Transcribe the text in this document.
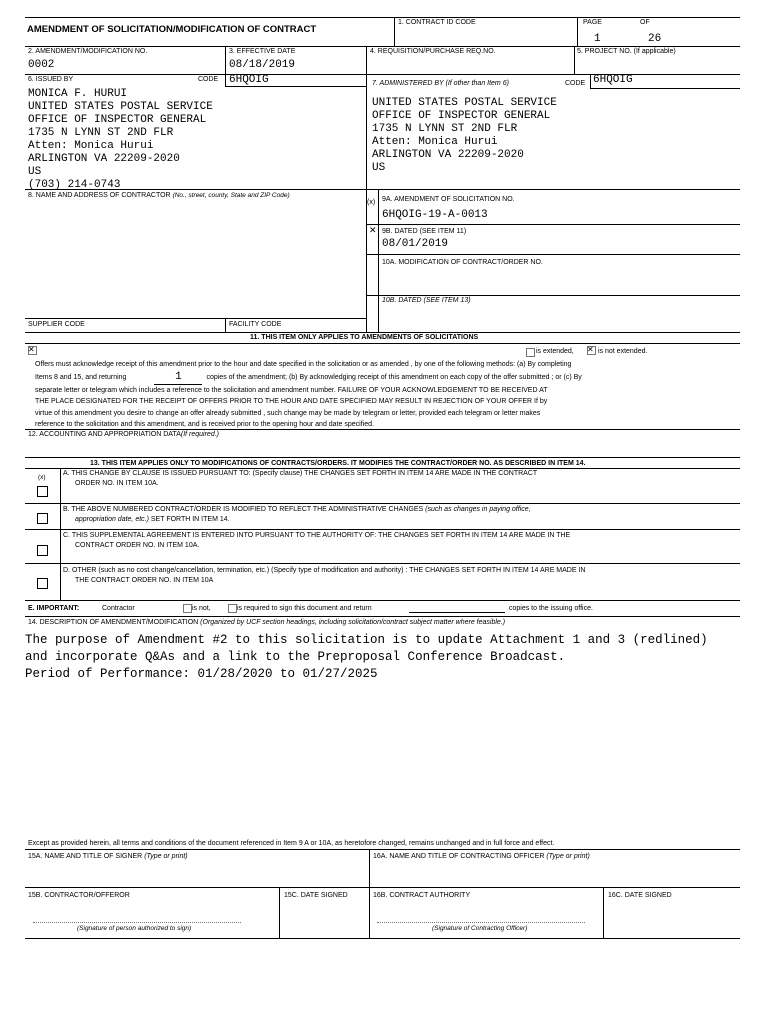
AMENDMENT OF SOLICITATION/MODIFICATION OF CONTRACT
1. CONTRACT ID CODE	PAGE	OF
1	26
2. AMENDMENT/MODIFICATION NO.
0002
3. EFFECTIVE DATE
08/18/2019
4. REQUISITION/PURCHASE REQ.NO.	5. PROJECT NO. (If applicable)
6. ISSUED BY	CODE 6HQOIG	7. ADMINISTERED BY (If other than Item 6)	CODE 6HQOIG
MONICA F. HURUI
UNITED STATES POSTAL SERVICE
OFFICE OF INSPECTOR GENERAL
1735 N LYNN ST 2ND FLR
Atten: Monica Hurui
ARLINGTON VA 22209-2020
US
(703) 214-0743
UNITED STATES POSTAL SERVICE
OFFICE OF INSPECTOR GENERAL
1735 N LYNN ST 2ND FLR
Atten: Monica Hurui
ARLINGTON VA 22209-2020
US
8. NAME AND ADDRESS OF CONTRACTOR (No., street, county, State and ZIP Code)
(x) 9A. AMENDMENT OF SOLICITATION NO.
6HQOIG-19-A-0013
✕ 9B. DATED (SEE ITEM 11)
08/01/2019
10A. MODIFICATION OF CONTRACT/ORDER NO.
10B. DATED (SEE ITEM 13)
SUPPLIER CODE	FACILITY CODE
11. THIS ITEM ONLY APPLIES TO AMENDMENTS OF SOLICITATIONS
✕	is extended, ✕ is not extended.
Offers must acknowledge receipt of this amendment prior to the hour and date specified in the solicitation or as amended , by one of the following methods: (a) By completing
Items 8 and 15, and returning	1	copies of the amendment; (b) By acknowledging receipt of this amendment on each copy of the offer submitted ; or (c) By
separate letter or telegram which includes a reference to the solicitation and amendment number. FAILURE OF YOUR ACKNOWLEDGEMENT TO BE RECEIVED AT
THE PLACE DESIGNATED FOR THE RECEIPT OF OFFERS PRIOR TO THE HOUR AND DATE SPECIFIED MAY RESULT IN REJECTION OF YOUR OFFER If by
virtue of this amendment you desire to change an offer already submitted , such change may be made by telegram or letter, provided each telegram or letter makes
reference to the solicitation and this amendment, and is received prior to the opening hour and date specified.
12. ACCOUNTING AND APPROPRIATION DATA(If required.)
13. THIS ITEM APPLIES ONLY TO MODIFICATIONS OF CONTRACTS/ORDERS. IT MODIFIES THE CONTRACT/ORDER NO. AS DESCRIBED IN ITEM 14.
(x)
A. THIS CHANGE BY CLAUSE IS ISSUED PURSUANT TO: (Specify clause) THE CHANGES SET FORTH IN ITEM 14 ARE MADE IN THE CONTRACT
ORDER NO. IN ITEM 10A.
B. THE ABOVE NUMBERED CONTRACT/ORDER IS MODIFIED TO REFLECT THE ADMINISTRATIVE CHANGES (such as changes in paying office,
appropriation date, etc.) SET FORTH IN ITEM 14.
C. THIS SUPPLEMENTAL AGREEMENT IS ENTERED INTO PURSUANT TO THE AUTHORITY OF: THE CHANGES SET FORTH IN ITEM 14 ARE MADE IN THE
CONTRACT ORDER NO. IN ITEM 10A.
D. OTHER (such as no cost change/cancellation, termination, etc.) (Specify type of modification and authority) : THE CHANGES SET FORTH IN ITEM 14 ARE MADE IN
THE CONTRACT ORDER NO. IN ITEM 10A
E. IMPORTANT:	Contractor	is not,	is required to sign this document and return	copies to the issuing office.
14. DESCRIPTION OF AMENDMENT/MODIFICATION (Organized by UCF section headings, including solicitation/contract subject matter where feasible.)
The purpose of Amendment #2 to this solicitation is to update Attachment 1 and 3 (redlined)
and incorporate Q&As and a link to the Preproposal Conference Broadcast.
Period of Performance: 01/28/2020 to 01/27/2025
Except as provided herein, all terms and conditions of the document referenced in Item 9 A or 10A, as heretofore changed, remains unchanged and in full force and effect.
15A. NAME AND TITLE OF SIGNER (Type or print)	16A. NAME AND TITLE OF CONTRACTING OFFICER (Type or print)
15B. CONTRACTOR/OFFEROR	15C. DATE SIGNED	16B. CONTRACT AUTHORITY	16C. DATE SIGNED
(Signature of person authorized to sign)	(Signature of Contracting Officer)
